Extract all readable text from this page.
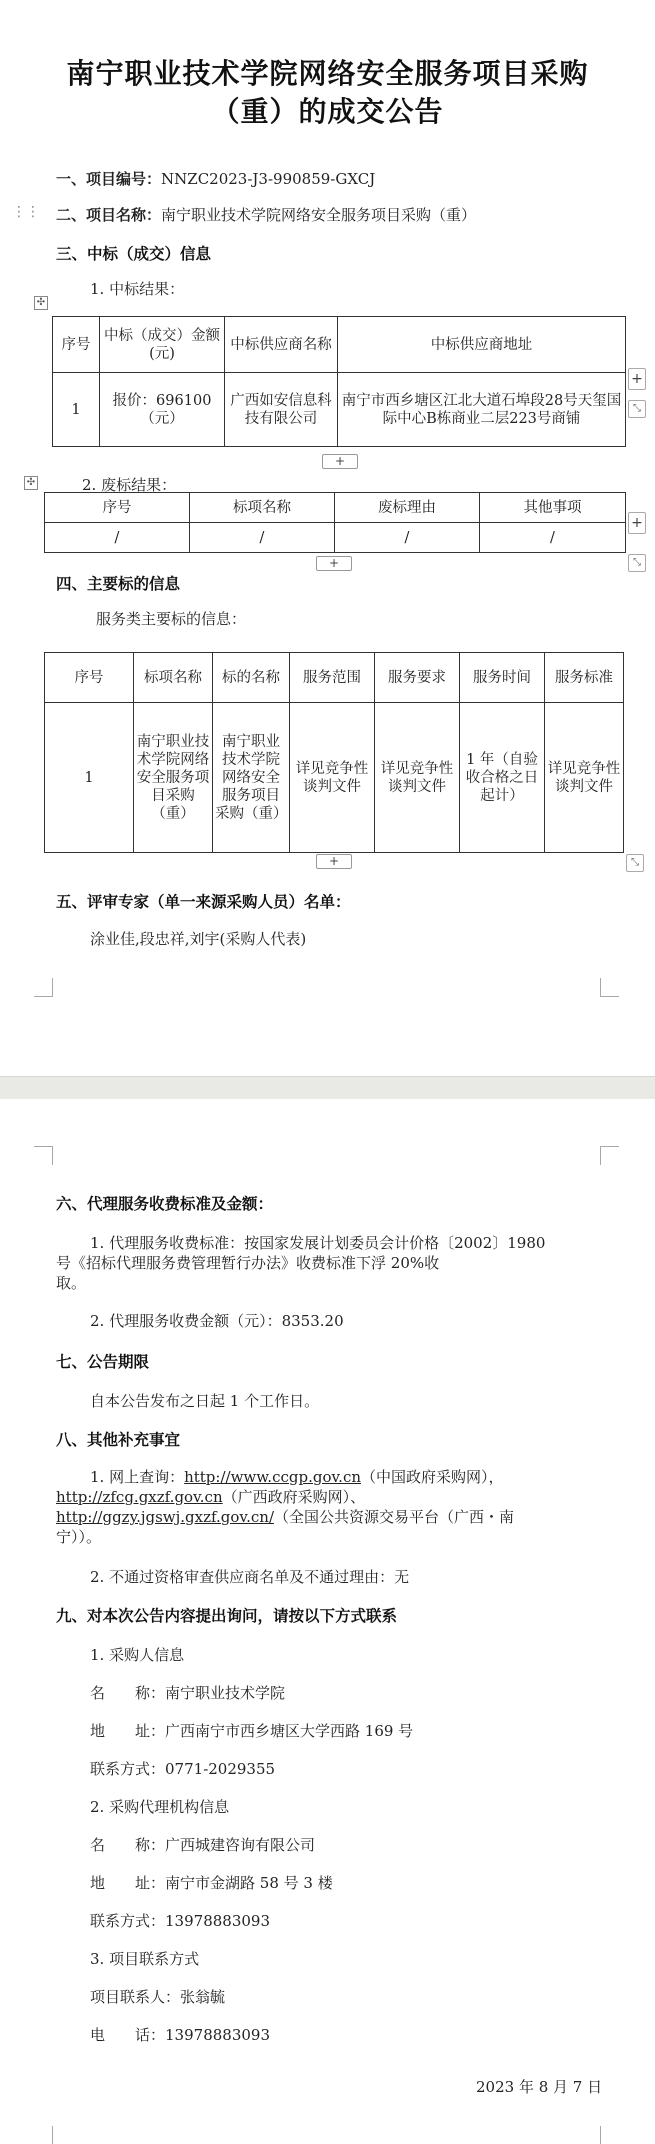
南宁职业技术学院网络安全服务项目采购
（重）的成交公告
一、项目编号：NNZC2023-J3-990859-GXCJ
⋮⋮ 二、项目名称：南宁职业技术学院网络安全服务项目采购（重）
三、中标（成交）信息
✣
1. 中标结果：
序号	中标（成交）金额(元)	中标供应商名称	中标供应商地址
1	报价：696100（元）	广西如安信息科技有限公司	南宁市西乡塘区江北大道石埠段28号天玺国际中心B栋商业二层223号商铺
+
⤡
+
✣	2. 废标结果：
序号	标项名称	废标理由	其他事项
/	/	/	/
+
⤡
+
四、主要标的信息
服务类主要标的信息：
序号	标项名称	标的名称	服务范围	服务要求	服务时间	服务标准
1	南宁职业技术学院网络安全服务项目采购（重）	南宁职业技术学院网络安全服务项目采购（重）	详见竞争性谈判文件	详见竞争性谈判文件	1 年（自验收合格之日起计）	详见竞争性谈判文件
+	⤡
五、评审专家（单一来源采购人员）名单：
涂业佳,段忠祥,刘宇(采购人代表)
六、代理服务收费标准及金额：
1. 代理服务收费标准：按国家发展计划委员会计价格〔2002〕1980
号《招标代理服务费管理暂行办法》收费标准下浮 20%收
取。
2. 代理服务收费金额（元）：8353.20
七、公告期限
自本公告发布之日起 1 个工作日。
八、其他补充事宜
1. 网上查询：http://www.ccgp.gov.cn（中国政府采购网），
http://zfcg.gxzf.gov.cn（广西政府采购网）、
http://ggzy.jgswj.gxzf.gov.cn/（全国公共资源交易平台（广西・南
宁））。
2. 不通过资格审查供应商名单及不通过理由：无
九、对本次公告内容提出询问，请按以下方式联系
1. 采购人信息
名　　称：南宁职业技术学院
地　　址：广西南宁市西乡塘区大学西路 169 号
联系方式：0771-2029355
2. 采购代理机构信息
名　　称：广西城建咨询有限公司
地　　址：南宁市金湖路 58 号 3 楼
联系方式：13978883093
3. 项目联系方式
项目联系人：张翁毓
电　　话：13978883093
2023 年 8 月 7 日
